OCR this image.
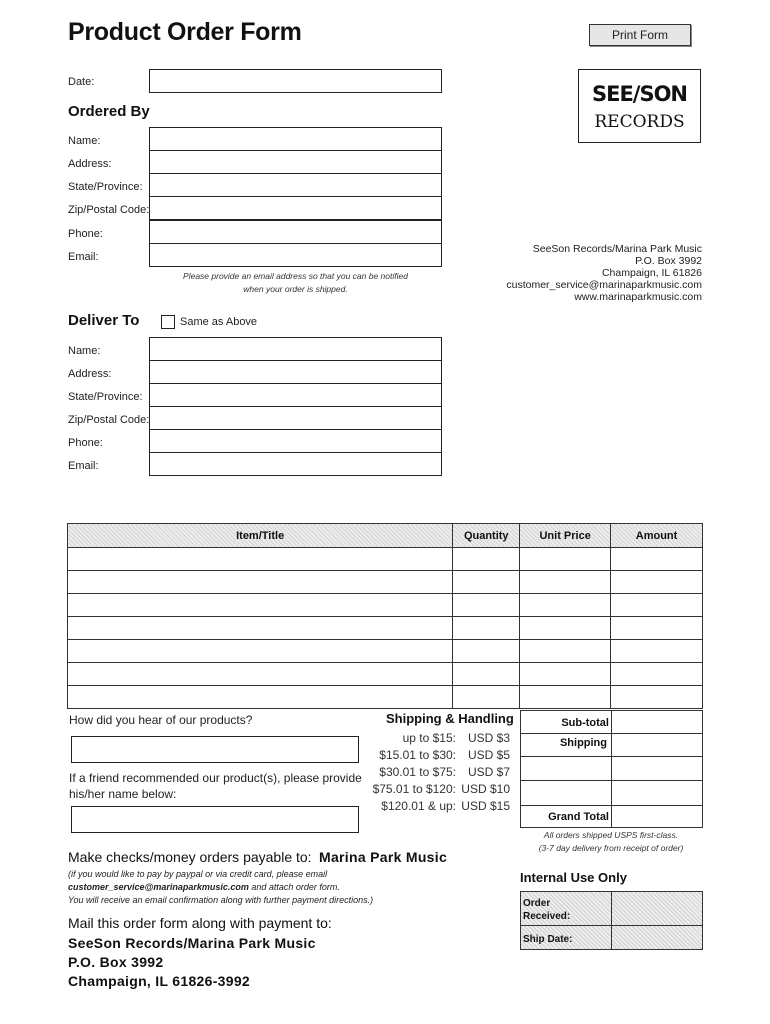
Product Order Form	Print Form
Date:
Ordered By
Name:
Address:
State/Province:
Zip/Postal Code:
Phone:
Email:
Please provide an email address so that you can be notified
when your order is shipped.
SEE/SON
RECORDS
SeeSon Records/Marina Park Music
P.O. Box 3992
Champaign, IL 61826
customer_service@marinaparkmusic.com
www.marinaparkmusic.com
Deliver To	Same as Above
Name:
Address:
State/Province:
Zip/Postal Code:
Phone:
Email:
Item/Title	Quantity	Unit Price	Amount

How did you hear of our products?
If a friend recommended our product(s), please provide
his/her name below:
Shipping & Handling
up to $15: USD $3
$15.01 to $30: USD $5
$30.01 to $75: USD $7
$75.01 to $120: USD $10
$120.01 & up: USD $15
Sub-total
Shipping
Grand Total
All orders shipped USPS first-class.
(3-7 day delivery from receipt of order)
Make checks/money orders payable to: Marina Park Music
(if you would like to pay by paypal or via credit card, please email
customer_service@marinaparkmusic.com and attach order form.
You will receive an email confirmation along with further payment directions.)
Mail this order form along with payment to:
SeeSon Records/Marina Park Music
P.O. Box 3992
Champaign, IL 61826-3992
Internal Use Only
Order
Received:
Ship Date:
